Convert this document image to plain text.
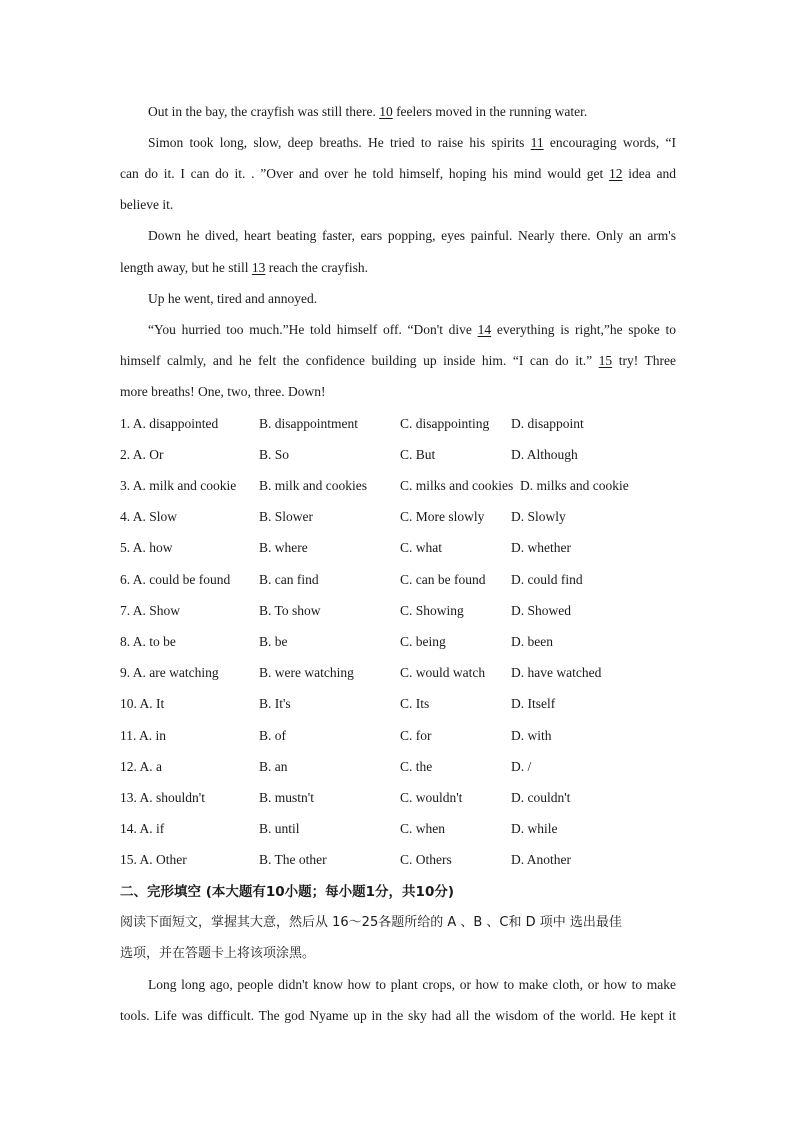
Out in the bay, the crayfish was still there. 10 feelers moved in the running water.
Simon took long, slow, deep breaths. He tried to raise his spirits 11 encouraging words, “I
can do it. I can do it. . ”Over and over he told himself, hoping his mind would get 12 idea and
believe it.
Down he dived, heart beating faster, ears popping, eyes painful. Nearly there. Only an arm's
length away, but he still 13 reach the crayfish.
Up he went, tired and annoyed.
“You hurried too much.”He told himself off. “Don't dive 14 everything is right,”he spoke to
himself calmly, and he felt the confidence building up inside him. “I can do it.” 15 try! Three
more breaths! One, two, three. Down!
1. A. disappointed	B. disappointment	C. disappointing D. disappoint
2. A. Or	B. So	C. But	D. Although
3. A. milk and cookie B. milk and cookies C. milks and cookies D. milks and cookie
4. A. Slow	B. Slower	C. More slowly D. Slowly
5. A. how	B. where	C. what	D. whether
6. A. could be found B. can find	C. can be found D. could find
7. A. Show	B. To show	C. Showing	D. Showed
8. A. to be	B. be	C. being	D. been
9. A. are watching	B. were watching	C. would watch D. have watched
10. A. It	B. It's	C. Its	D. Itself
11. A. in	B. of	C. for	D. with
12. A. a	B. an	C. the	D. /
13. A. shouldn't	B. mustn't	C. wouldn't	D. couldn't
14. A. if	B. until	C. when	D. while
15. A. Other	B. The other	C. Others	D. Another
二、完形填空 (本大题有10小题；每小题1分，共10分)
阅读下面短文，掌握其大意，然后从 16～25各题所给的 A 、B 、C和 D 项中 选出最佳
选项，并在答题卡上将该项涂黑。
Long long ago, people didn't know how to plant crops, or how to make cloth, or how to make
tools. Life was difficult. The god Nyame up in the sky had all the wisdom of the world. He kept it
